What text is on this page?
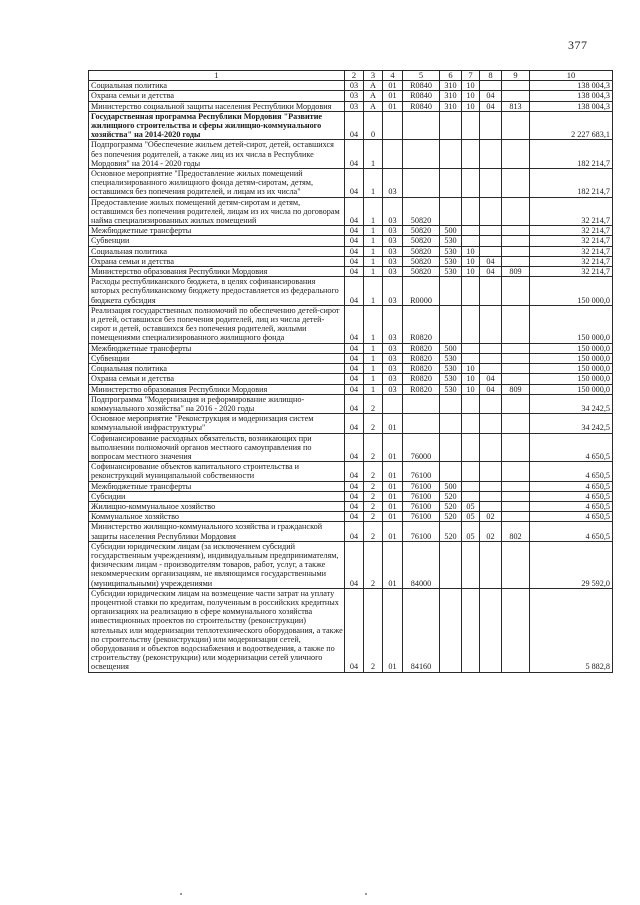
377
1	2	3	4	5	6	7	8	9	10
Социальная политика	03	А	01	R0840	310	10			138 004,3
Охрана семьи и детства	03	А	01	R0840	310	10	04		138 004,3
Министерство социальной защиты населения Республики Мордовия	03	А	01	R0840	310	10	04	813	138 004,3
Государственная программа Республики Мордовия "Развитие жилищного строительства и сферы жилищно-коммунального хозяйства" на 2014-2020 годы	04	0							2 227 683,1
Подпрограмма "Обеспечение жильем детей-сирот, детей, оставшихся без попечения родителей, а также лиц из их числа в Республике Мордовия" на 2014 - 2020 годы	04	1							182 214,7
Основное мероприятие "Предоставление жилых помещений специализированного жилищного фонда детям-сиротам, детям, оставшимся без попечения родителей, и лицам из их числа"	04	1	03						182 214,7
Предоставление жилых помещений детям-сиротам и детям, оставшимся без попечения родителей, лицам из их числа по договорам найма специализированных жилых помещений	04	1	03	50820					32 214,7
Межбюджетные трансферты	04	1	03	50820	500				32 214,7
Субвенции	04	1	03	50820	530				32 214,7
Социальная политика	04	1	03	50820	530	10			32 214,7
Охрана семьи и детства	04	1	03	50820	530	10	04		32 214,7
Министерство образования Республики Мордовия	04	1	03	50820	530	10	04	809	32 214,7
Расходы республиканского бюджета, в целях софинансирования которых республиканскому бюджету предоставляется из федерального бюджета субсидия	04	1	03	R0000					150 000,0
Реализация государственных полномочий по обеспечению детей-сирот и детей, оставшихся без попечения родителей, лиц из числа детей-сирот и детей, оставшихся без попечения родителей, жилыми помещениями специализированного жилищного фонда	04	1	03	R0820					150 000,0
Межбюджетные трансферты	04	1	03	R0820	500				150 000,0
Субвенции	04	1	03	R0820	530				150 000,0
Социальная политика	04	1	03	R0820	530	10			150 000,0
Охрана семьи и детства	04	1	03	R0820	530	10	04		150 000,0
Министерство образования Республики Мордовия	04	1	03	R0820	530	10	04	809	150 000,0
Подпрограмма "Модернизация и реформирование жилищно-коммунального хозяйства" на 2016 - 2020 годы	04	2							34 242,5
Основное мероприятие "Реконструкция и модернизация систем коммунальной инфраструктуры"	04	2	01						34 242,5
Софинансирование расходных обязательств, возникающих при выполнении полномочий органов местного самоуправления по вопросам местного значения	04	2	01	76000					4 650,5
Софинансирование объектов капитального строительства и реконструкций муниципальной собственности	04	2	01	76100					4 650,5
Межбюджетные трансферты	04	2	01	76100	500				4 650,5
Субсидии	04	2	01	76100	520				4 650,5
Жилищно-коммунальное хозяйство	04	2	01	76100	520	05			4 650,5
Коммунальное хозяйство	04	2	01	76100	520	05	02		4 650,5
Министерство жилищно-коммунального хозяйства и гражданской защиты населения Республики Мордовия	04	2	01	76100	520	05	02	802	4 650,5
Субсидии юридическим лицам (за исключением субсидий государственным учреждениям), индивидуальным предпринимателям, физическим лицам - производителям товаров, работ, услуг, а также некоммерческим организациям, не являющимся государственными (муниципальными) учреждениями	04	2	01	84000					29 592,0
Субсидии юридическим лицам на возмещение части затрат на уплату процентной ставки по кредитам, полученным в российских кредитных организациях на реализацию в сфере коммунального хозяйства инвестиционных проектов по строительству (реконструкции) котельных или модернизации теплотехнического оборудования, а также по строительству (реконструкции) или модернизации сетей, оборудования и объектов водоснабжения и водоотведения, а также по строительству (реконструкции) или модернизации сетей уличного освещения	04	2	01	84160					5 882,8
